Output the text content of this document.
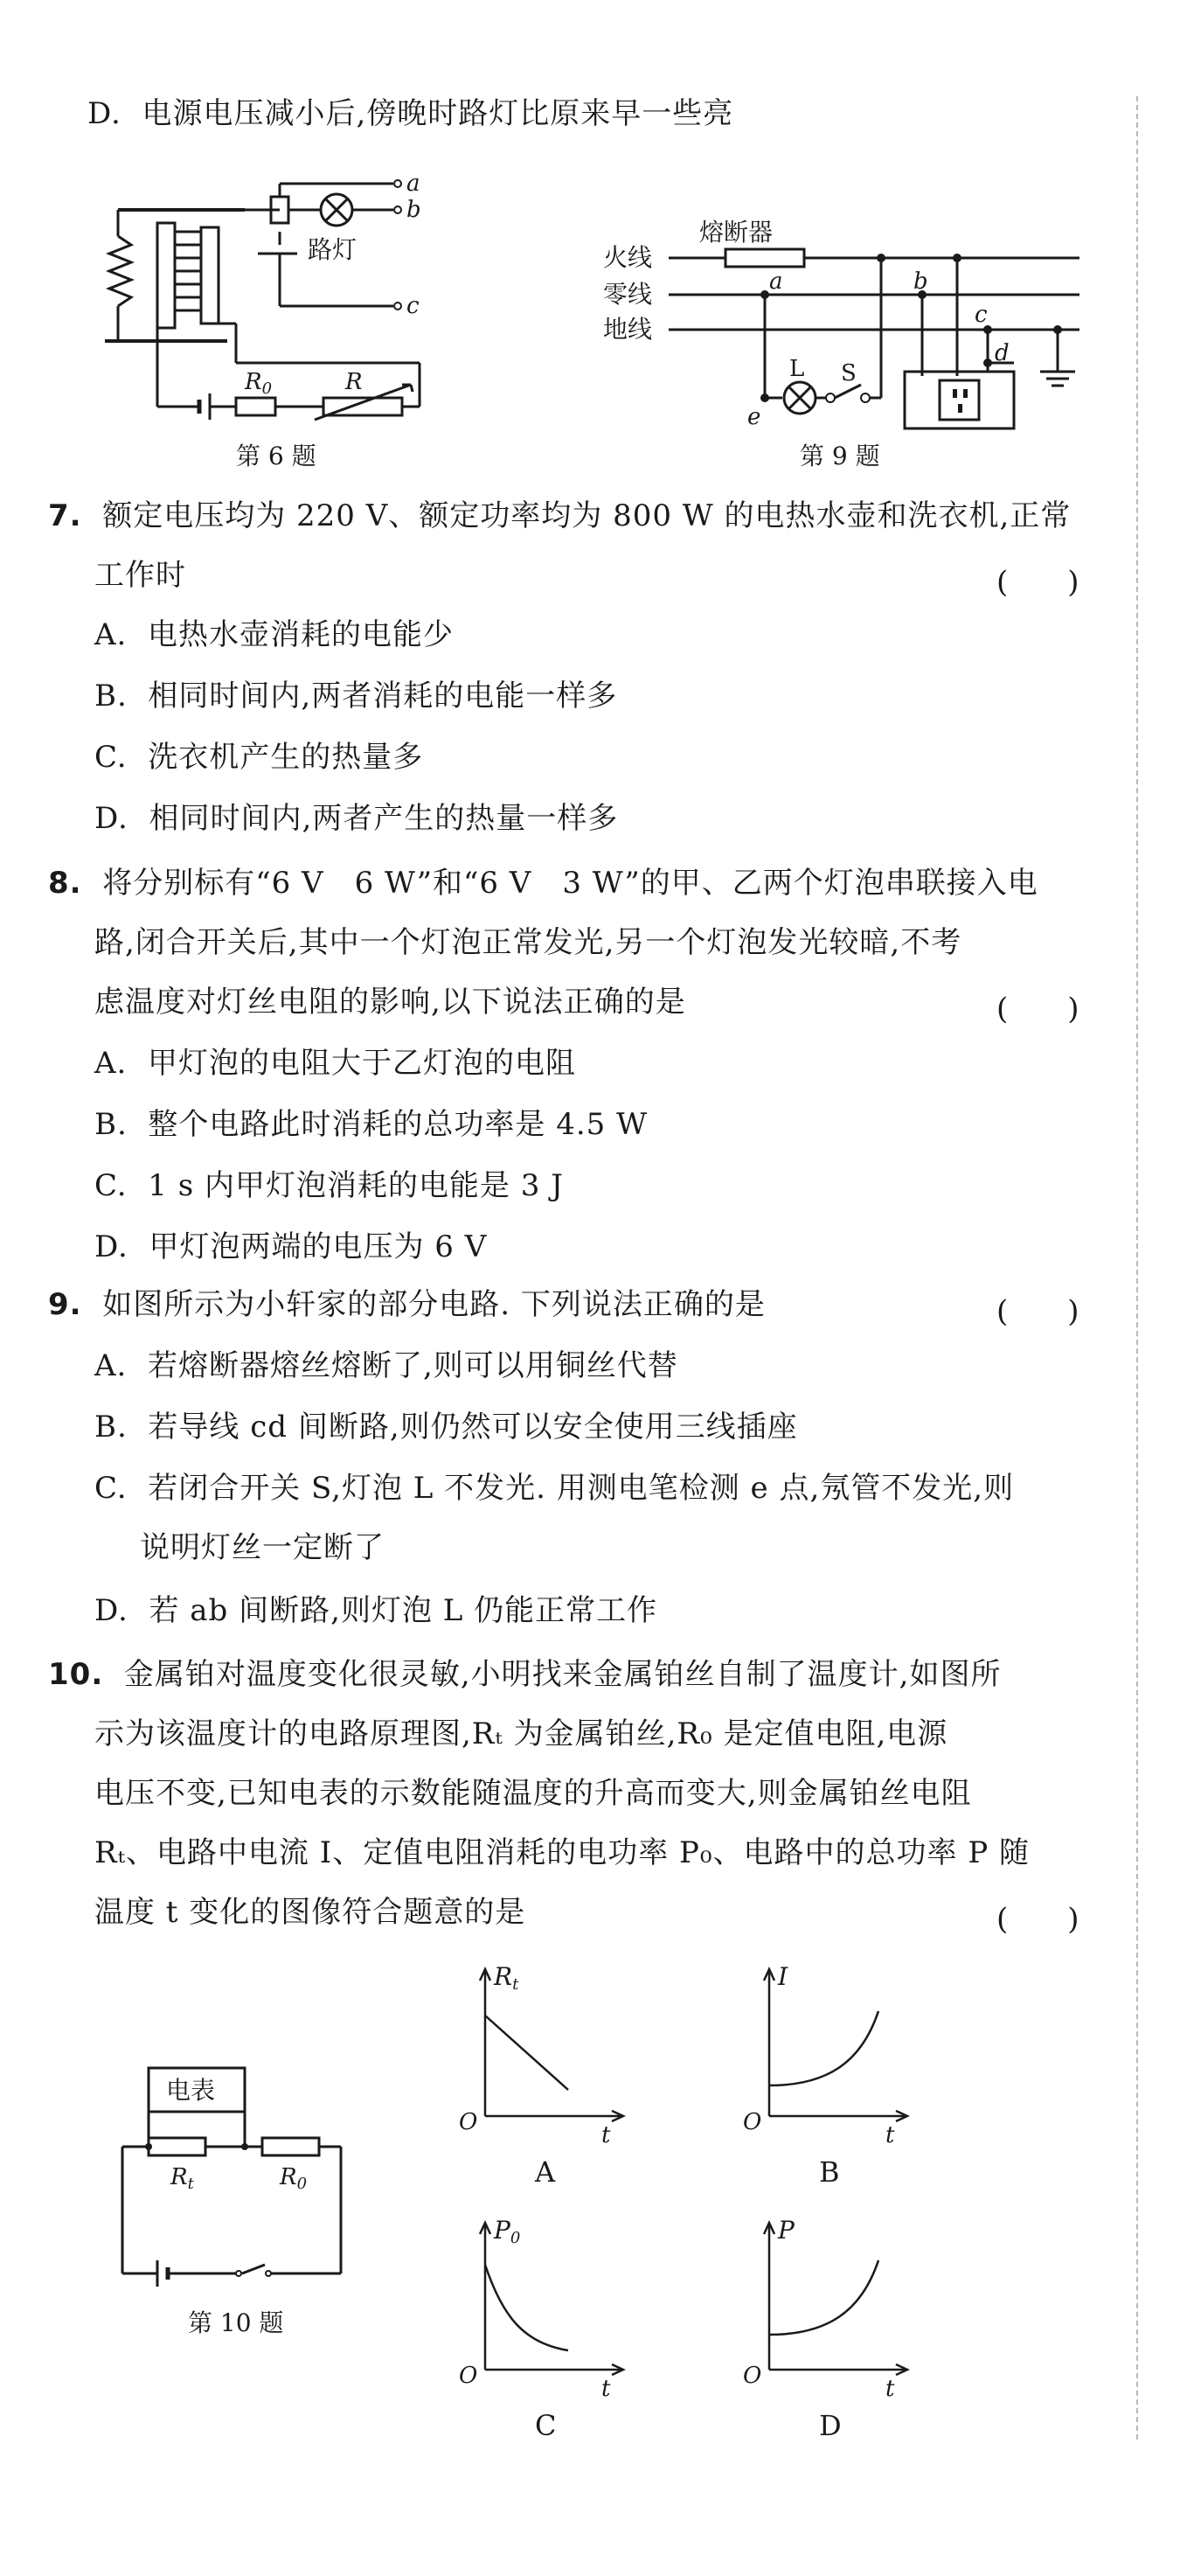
D. 电源电压减小后,傍晚时路灯比原来早一些亮
a
b
c
路灯
R0	R
第 6 题
熔断器
火线
零线
地线
a	b
c
d
e
L S
第 9 题
7. 额定电压均为 220 V、额定功率均为 800 W 的电热水壶和洗衣机,正常
工作时	(　　)
A. 电热水壶消耗的电能少
B. 相同时间内,两者消耗的电能一样多
C. 洗衣机产生的热量多
D. 相同时间内,两者产生的热量一样多
8. 将分别标有“6 V　6 W”和“6 V　3 W”的甲、乙两个灯泡串联接入电
路,闭合开关后,其中一个灯泡正常发光,另一个灯泡发光较暗,不考
虑温度对灯丝电阻的影响,以下说法正确的是	(　　)
A. 甲灯泡的电阻大于乙灯泡的电阻
B. 整个电路此时消耗的总功率是 4.5 W
C. 1 s 内甲灯泡消耗的电能是 3 J
D. 甲灯泡两端的电压为 6 V
9. 如图所示为小轩家的部分电路. 下列说法正确的是	(　　)
A. 若熔断器熔丝熔断了,则可以用铜丝代替
B. 若导线 cd 间断路,则仍然可以安全使用三线插座
C. 若闭合开关 S,灯泡 L 不发光. 用测电笔检测 e 点,氖管不发光,则
说明灯丝一定断了
D. 若 ab 间断路,则灯泡 L 仍能正常工作
10. 金属铂对温度变化很灵敏,小明找来金属铂丝自制了温度计,如图所
示为该温度计的电路原理图,Rₜ 为金属铂丝,R₀ 是定值电阻,电源
电压不变,已知电表的示数能随温度的升高而变大,则金属铂丝电阻
Rₜ、电路中电流 I、定值电阻消耗的电功率 P₀、电路中的总功率 P 随
温度 t 变化的图像符合题意的是	(　　)
电表
Rt	R0
第 10 题
Rt
O	t
A
I
O	t
B
P0
O	t
C
P
O	t
D
